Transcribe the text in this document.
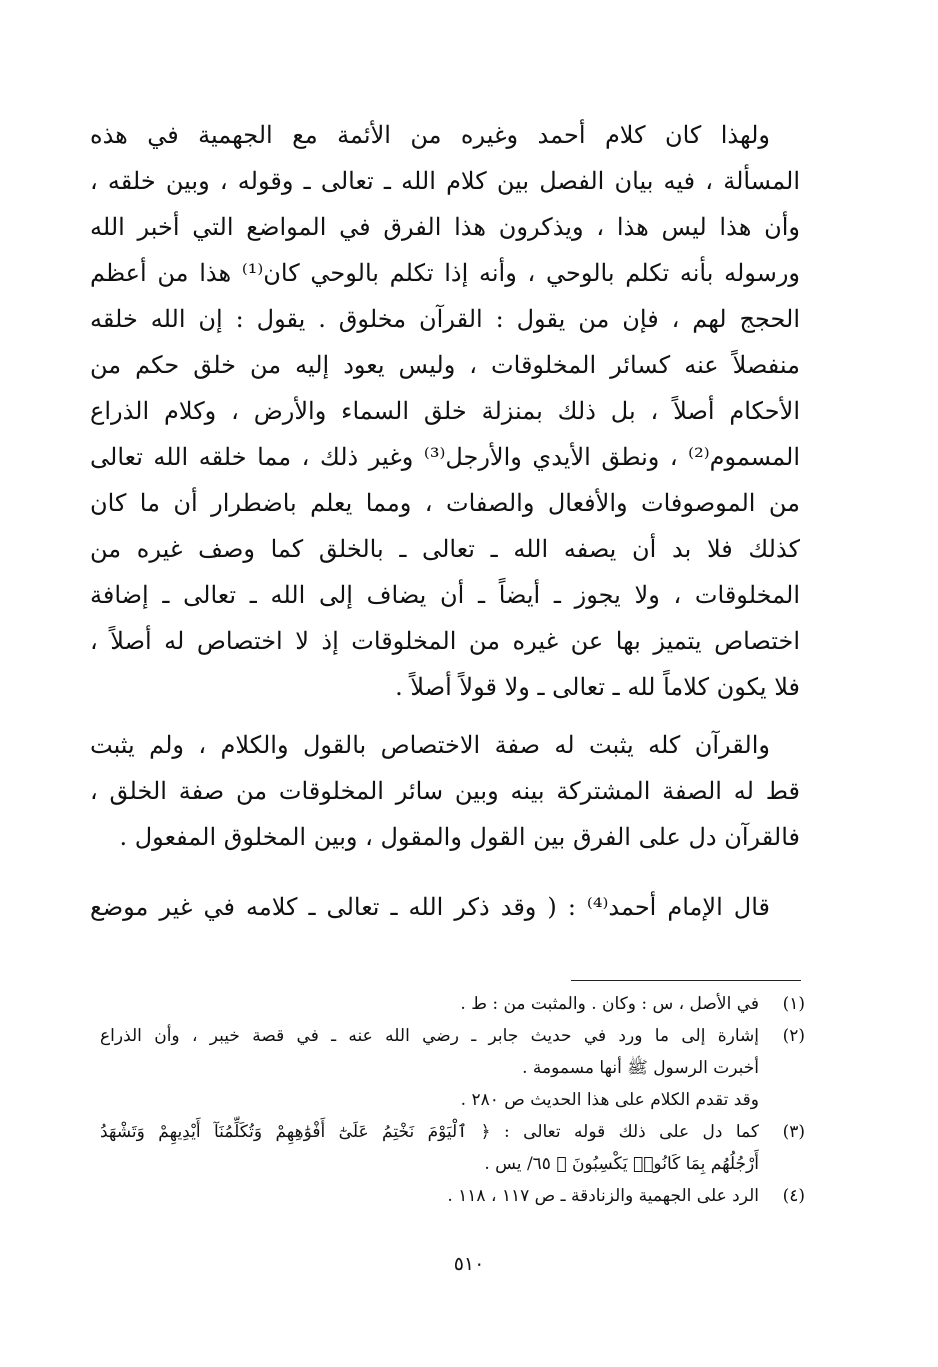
ولهذا كان كلام أحمد وغيره من الأئمة مع الجهمية في هذه
المسألة ، فيه بيان الفصل بين كلام الله ـ تعالى ـ وقوله ، وبين خلقه ،
وأن هذا ليس هذا ، ويذكرون هذا الفرق في المواضع التي أخبر الله
ورسوله بأنه تكلم بالوحي ، وأنه إذا تكلم بالوحي كان⁽¹⁾ هذا من أعظم
الحجج لهم ، فإن من يقول : القرآن مخلوق . يقول : إن الله خلقه
منفصلاً عنه كسائر المخلوقات ، وليس يعود إليه من خلق حكم من
الأحكام أصلاً ، بل ذلك بمنزلة خلق السماء والأرض ، وكلام الذراع
المسموم⁽²⁾ ، ونطق الأيدي والأرجل⁽³⁾ وغير ذلك ، مما خلقه الله تعالى
من الموصوفات والأفعال والصفات ، ومما يعلم باضطرار أن ما كان
كذلك فلا بد أن يصفه الله ـ تعالى ـ بالخلق كما وصف غيره من
المخلوقات ، ولا يجوز ـ أيضاً ـ أن يضاف إلى الله ـ تعالى ـ إضافة
اختصاص يتميز بها عن غيره من المخلوقات إذ لا اختصاص له أصلاً ،
فلا يكون كلاماً لله ـ تعالى ـ ولا قولاً أصلاً .
والقرآن كله يثبت له صفة الاختصاص بالقول والكلام ، ولم يثبت
قط له الصفة المشتركة بينه وبين سائر المخلوقات من صفة الخلق ،
فالقرآن دل على الفرق بين القول والمقول ، وبين المخلوق المفعول .
قال الإمام أحمد⁽⁴⁾ : ( وقد ذكر الله ـ تعالى ـ كلامه في غير موضع
(١)
في الأصل ، س : وكان . والمثبت من : ط .
(٢)
إشارة إلى ما ورد في حديث جابر ـ رضي الله عنه ـ في قصة خيبر ، وأن الذراع
أخبرت الرسول ﷺ أنها مسمومة .
وقد تقدم الكلام على هذا الحديث ص ٢٨٠ .
(٣)
كما دل على ذلك قوله تعالى : ﴿ ٱلْيَوْمَ نَخْتِمُ عَلَىٰٓ أَفْوَٰهِهِمْ وَتُكَلِّمُنَآ أَيْدِيهِمْ وَتَشْهَدُ
أَرْجُلُهُم بِمَا كَانُوا۟ يَكْسِبُونَ ﴾ ٦٥/ يس .
(٤)
الرد على الجهمية والزنادقة ـ ص ١١٧ ، ١١٨ .
٥١٠
